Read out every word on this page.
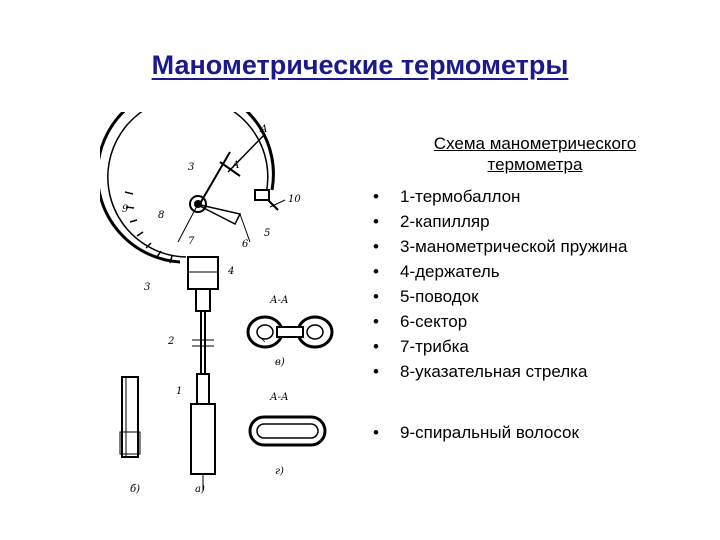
Манометрические термометры
9
8
3
7	6
5
10
4
3
2
1
А
А
А-А
А-А
в)
г)
б)	а)
Схема манометрического термометра
• 1-термобаллон
• 2-капилляр
• 3-манометрической пружина
• 4-держатель
• 5-поводок
• 6-сектор
• 7-трибка
• 8-указательная стрелка
• 9-спиральный волосок
